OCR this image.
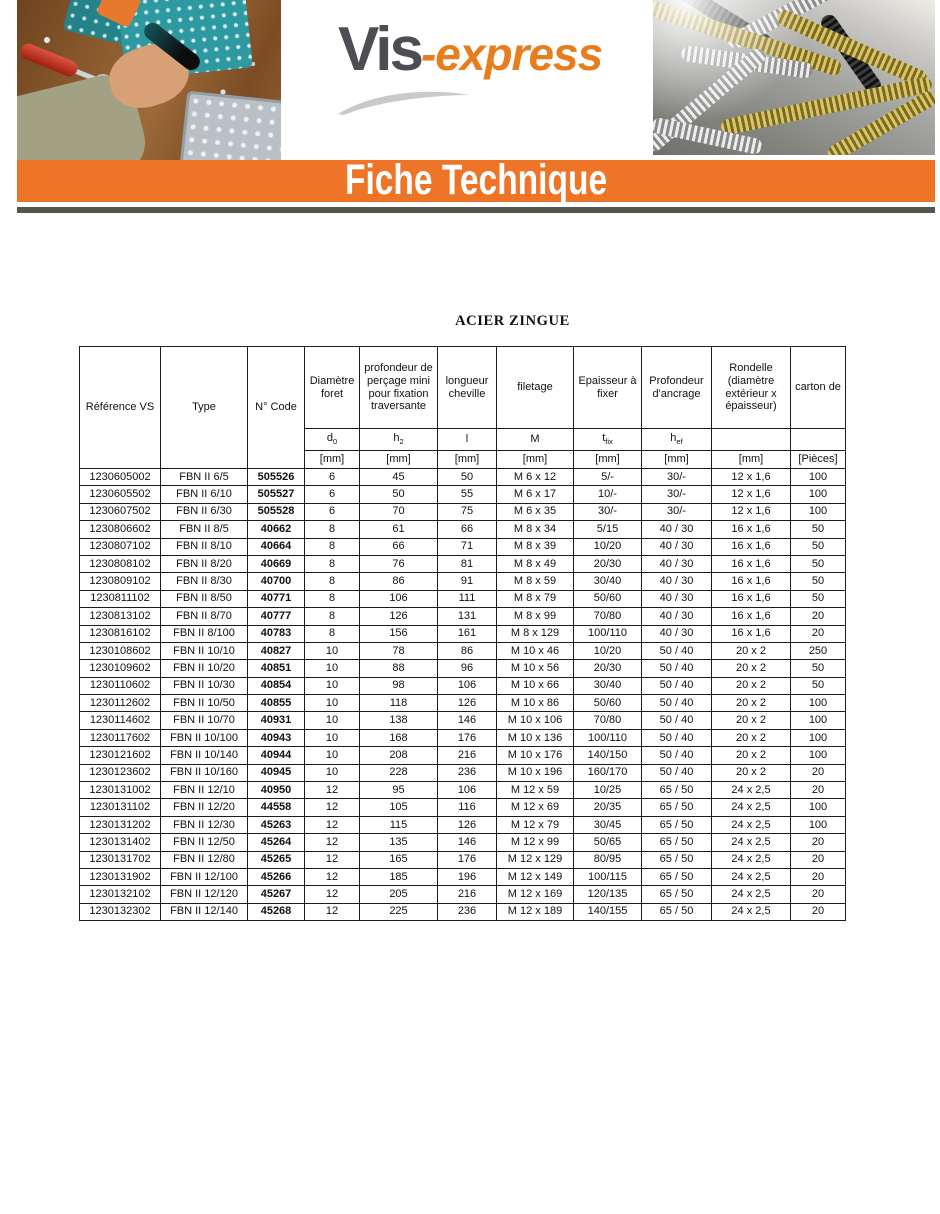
Vis-express
Fiche Technique
ACIER ZINGUE
Référence VS	Type	N° Code	Diamètre foret	profondeur de perçage mini pour fixation traversante	longueur cheville	filetage	Epaisseur à fixer	Profondeur d'ancrage	Rondelle (diamètre extérieur x épaisseur)	carton de
			$d_0$	$h_2$	l	M	$t_{fix}$	$h_{ef}$		
			[mm]	[mm]	[mm]	[mm]	[mm]	[mm]	[mm]	[Pièces]
1230605002	FBN II 6/5	505526	6	45	50	M 6 x 12	5/-	30/-	12 x 1,6	100
1230605502	FBN II 6/10	505527	6	50	55	M 6 x 17	10/-	30/-	12 x 1,6	100
1230607502	FBN II 6/30	505528	6	70	75	M 6 x 35	30/-	30/-	12 x 1,6	100
1230806602	FBN II 8/5	40662	8	61	66	M 8 x 34	5/15	40 / 30	16 x 1,6	50
1230807102	FBN II 8/10	40664	8	66	71	M 8 x 39	10/20	40 / 30	16 x 1,6	50
1230808102	FBN II 8/20	40669	8	76	81	M 8 x 49	20/30	40 / 30	16 x 1,6	50
1230809102	FBN II 8/30	40700	8	86	91	M 8 x 59	30/40	40 / 30	16 x 1,6	50
1230811102	FBN II 8/50	40771	8	106	111	M 8 x 79	50/60	40 / 30	16 x 1,6	50
1230813102	FBN II 8/70	40777	8	126	131	M 8 x 99	70/80	40 / 30	16 x 1,6	20
1230816102	FBN II 8/100	40783	8	156	161	M 8 x 129	100/110	40 / 30	16 x 1,6	20
1230108602	FBN II 10/10	40827	10	78	86	M 10 x 46	10/20	50 / 40	20 x 2	250
1230109602	FBN II 10/20	40851	10	88	96	M 10 x 56	20/30	50 / 40	20 x 2	50
1230110602	FBN II 10/30	40854	10	98	106	M 10 x 66	30/40	50 / 40	20 x 2	50
1230112602	FBN II 10/50	40855	10	118	126	M 10 x 86	50/60	50 / 40	20 x 2	100
1230114602	FBN II 10/70	40931	10	138	146	M 10 x 106	70/80	50 / 40	20 x 2	100
1230117602	FBN II 10/100	40943	10	168	176	M 10 x 136	100/110	50 / 40	20 x 2	100
1230121602	FBN II 10/140	40944	10	208	216	M 10 x 176	140/150	50 / 40	20 x 2	100
1230123602	FBN II 10/160	40945	10	228	236	M 10 x 196	160/170	50 / 40	20 x 2	20
1230131002	FBN II 12/10	40950	12	95	106	M 12 x 59	10/25	65 / 50	24 x 2,5	20
1230131102	FBN II 12/20	44558	12	105	116	M 12 x 69	20/35	65 / 50	24 x 2,5	100
1230131202	FBN II 12/30	45263	12	115	126	M 12 x 79	30/45	65 / 50	24 x 2,5	100
1230131402	FBN II 12/50	45264	12	135	146	M 12 x 99	50/65	65 / 50	24 x 2,5	20
1230131702	FBN II 12/80	45265	12	165	176	M 12 x 129	80/95	65 / 50	24 x 2,5	20
1230131902	FBN II 12/100	45266	12	185	196	M 12 x 149	100/115	65 / 50	24 x 2,5	20
1230132102	FBN II 12/120	45267	12	205	216	M 12 x 169	120/135	65 / 50	24 x 2,5	20
1230132302	FBN II 12/140	45268	12	225	236	M 12 x 189	140/155	65 / 50	24 x 2,5	20
